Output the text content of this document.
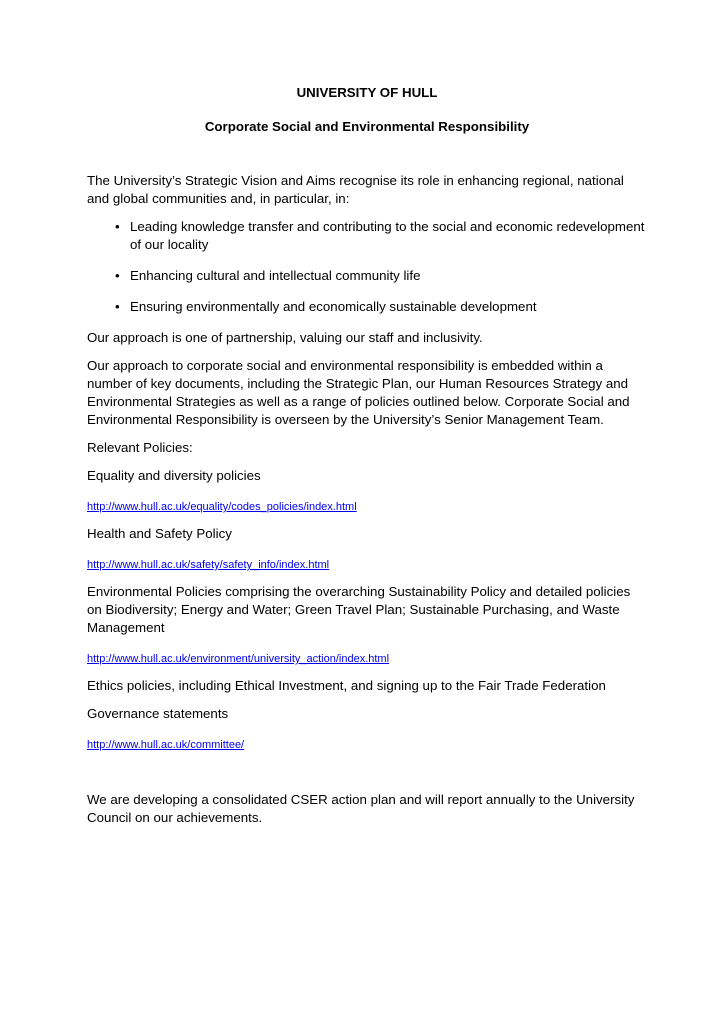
UNIVERSITY OF HULL

Corporate Social and Environmental Responsibility

The University’s Strategic Vision and Aims recognise its role in enhancing regional, national and global communities and, in particular, in:

• Leading knowledge transfer and contributing to the social and economic redevelopment of our locality
• Enhancing cultural and intellectual community life
• Ensuring environmentally and economically sustainable development

Our approach is one of partnership, valuing our staff and inclusivity.

Our approach to corporate social and environmental responsibility is embedded within a number of key documents, including the Strategic Plan, our Human Resources Strategy and Environmental Strategies as well as a range of policies outlined below. Corporate Social and Environmental Responsibility is overseen by the University’s Senior Management Team.

Relevant Policies:

Equality and diversity policies

http://www.hull.ac.uk/equality/codes_policies/index.html

Health and Safety Policy

http://www.hull.ac.uk/safety/safety_info/index.html

Environmental Policies comprising the overarching Sustainability Policy and detailed policies on Biodiversity; Energy and Water; Green Travel Plan; Sustainable Purchasing, and Waste Management

http://www.hull.ac.uk/environment/university_action/index.html

Ethics policies, including Ethical Investment, and signing up to the Fair Trade Federation

Governance statements

http://www.hull.ac.uk/committee/

We are developing a consolidated CSER action plan and will report annually to the University Council on our achievements.
